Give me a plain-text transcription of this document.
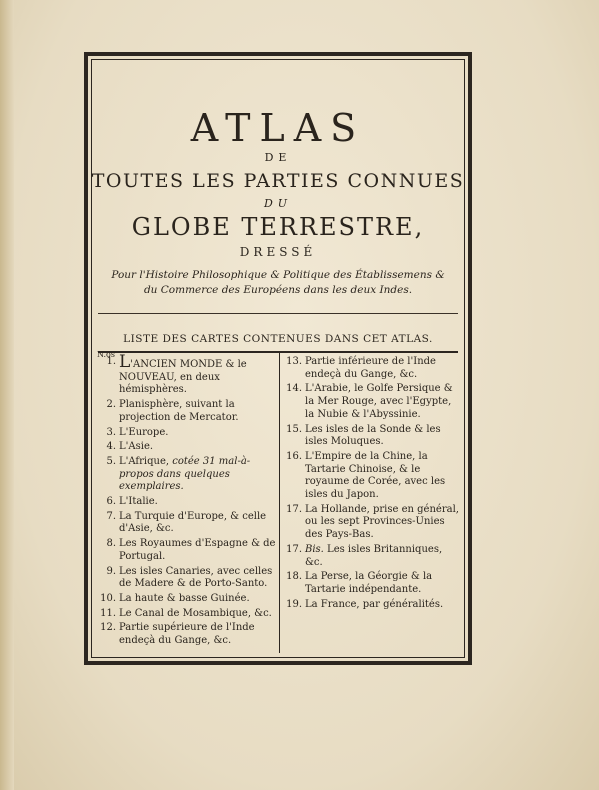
ATLAS
DE
TOUTES LES PARTIES CONNUES
DU
GLOBE TERRESTRE,
DRESSÉ
Pour l'Histoire Philosophique & Politique des Établissemens & du Commerce des Européens dans les deux Indes.
LISTE DES CARTES CONTENUES DANS CET ATLAS.
N.os
1. L'ANCIEN MONDE & le NOUVEAU, en deux hémisphères.
2. Planisphère, suivant la projection de Mercator.
3. L'Europe.
4. L'Asie.
5. L'Afrique, cotée 31 mal-à-propos dans quelques exemplaires.
6. L'Italie.
7. La Turquie d'Europe, & celle d'Asie, &c.
8. Les Royaumes d'Espagne & de Portugal.
9. Les isles Canaries, avec celles de Madere & de Porto-Santo.
10. La haute & basse Guinée.
11. Le Canal de Mosambique, &c.
12. Partie supérieure de l'Inde endeçà du Gange, &c.
13. Partie inférieure de l'Inde endeçà du Gange, &c.
14. L'Arabie, le Golfe Persique & la Mer Rouge, avec l'Egypte, la Nubie & l'Abyssinie.
15. Les isles de la Sonde & les isles Moluques.
16. L'Empire de la Chine, la Tartarie Chinoise, & le royaume de Corée, avec les isles du Japon.
17. La Hollande, prise en général, ou les sept Provinces-Unies des Pays-Bas.
17. Bis. Les isles Britanniques, &c.
18. La Perse, la Géorgie & la Tartarie indépendante.
19. La France, par généralités.
